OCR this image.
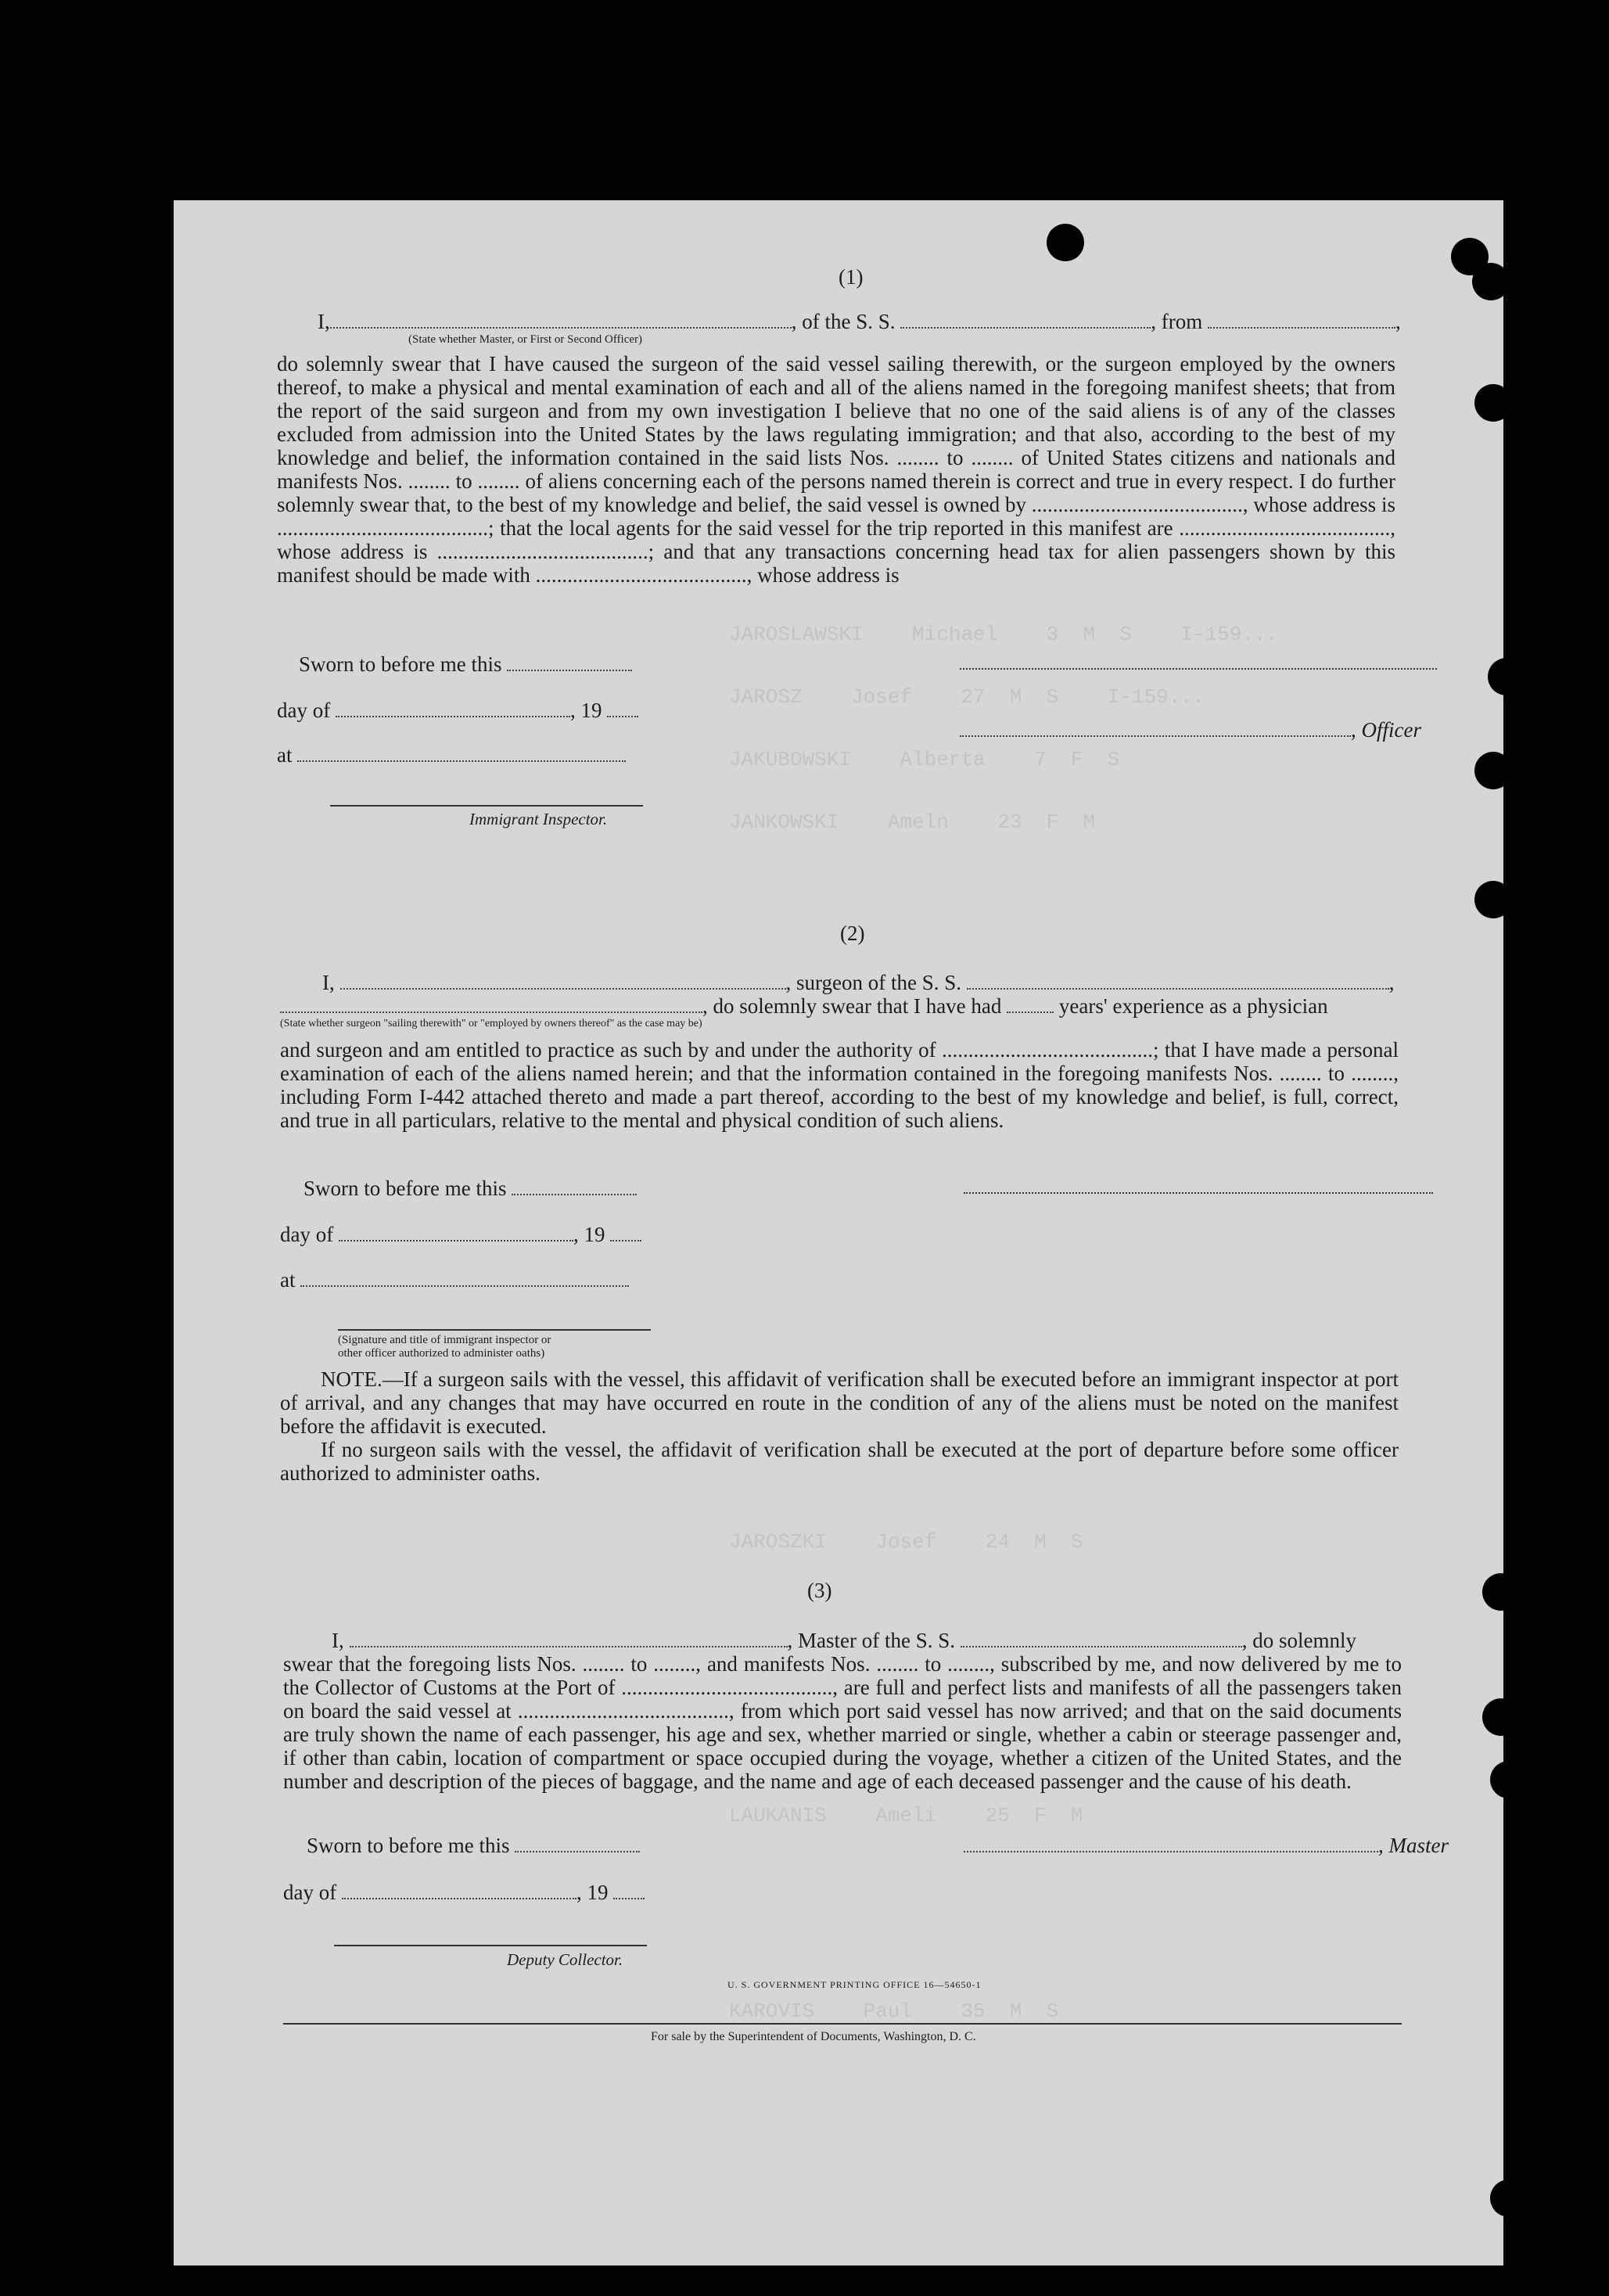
JAROSLAWSKI    Michael    3  M  S    I-159...
JAROSZ    Josef    27  M  S    I-159...
JAKUBOWSKI    Alberta    7  F  S
JANKOWSKI    Ameln    23  F  M
JAROSZKI    Josef    24  M  S
LAUKANIS    Ameli    25  F  M
KAROVIS    Paul    35  M  S
(1)
I,	, of the S. S.	, from	,
(State whether Master, or First or Second Officer)
do solemnly swear that I have caused the surgeon of the said vessel sailing therewith, or the surgeon employed by the owners thereof, to make a physical and mental examination of each and all of the aliens named in the foregoing manifest sheets; that from the report of the said surgeon and from my own investigation I believe that no one of the said aliens is of any of the classes excluded from admission into the United States by the laws regulating immigration; and that also, according to the best of my knowledge and belief, the information contained in the said lists Nos. ........ to ........ of United States citizens and nationals and manifests Nos. ........ to ........ of aliens concerning each of the persons named therein is correct and true in every respect. I do further solemnly swear that, to the best of my knowledge and belief, the said vessel is owned by ........................................, whose address is ........................................; that the local agents for the said vessel for the trip reported in this manifest are ........................................, whose address is ........................................; and that any transactions concerning head tax for alien passengers shown by this manifest should be made with ........................................, whose address is
Sworn to before me this
day of	, 19
, Officer
at
Immigrant Inspector.
(2)
I,	, surgeon of the S. S.	,
, do solemnly swear that I have had	years' experience as a physician
(State whether surgeon "sailing therewith" or "employed by owners thereof" as the case may be)
and surgeon and am entitled to practice as such by and under the authority of ........................................; that I have made a personal examination of each of the aliens named herein; and that the information contained in the foregoing manifests Nos. ........ to ........, including Form I-442 attached thereto and made a part thereof, according to the best of my knowledge and belief, is full, correct, and true in all particulars, relative to the mental and physical condition of such aliens.
Sworn to before me this
day of	, 19
at
(Signature and title of immigrant inspector or
other officer authorized to administer oaths)
NOTE.—If a surgeon sails with the vessel, this affidavit of verification shall be executed before an immigrant inspector at port of arrival, and any changes that may have occurred en route in the condition of any of the aliens must be noted on the manifest before the affidavit is executed.
If no surgeon sails with the vessel, the affidavit of verification shall be executed at the port of departure before some officer authorized to administer oaths.
(3)
I,	, Master of the S. S.	, do solemnly
swear that the foregoing lists Nos. ........ to ........, and manifests Nos. ........ to ........, subscribed by me, and now delivered by me to the Collector of Customs at the Port of ........................................, are full and perfect lists and manifests of all the passengers taken on board the said vessel at ........................................, from which port said vessel has now arrived; and that on the said documents are truly shown the name of each passenger, his age and sex, whether married or single, whether a cabin or steerage passenger and, if other than cabin, location of compartment or space occupied during the voyage, whether a citizen of the United States, and the number and description of the pieces of baggage, and the name and age of each deceased passenger and the cause of his death.
Sworn to before me this	, Master
day of	, 19
Deputy Collector.
U. S. GOVERNMENT PRINTING OFFICE 16—54650-1
For sale by the Superintendent of Documents, Washington, D. C.
